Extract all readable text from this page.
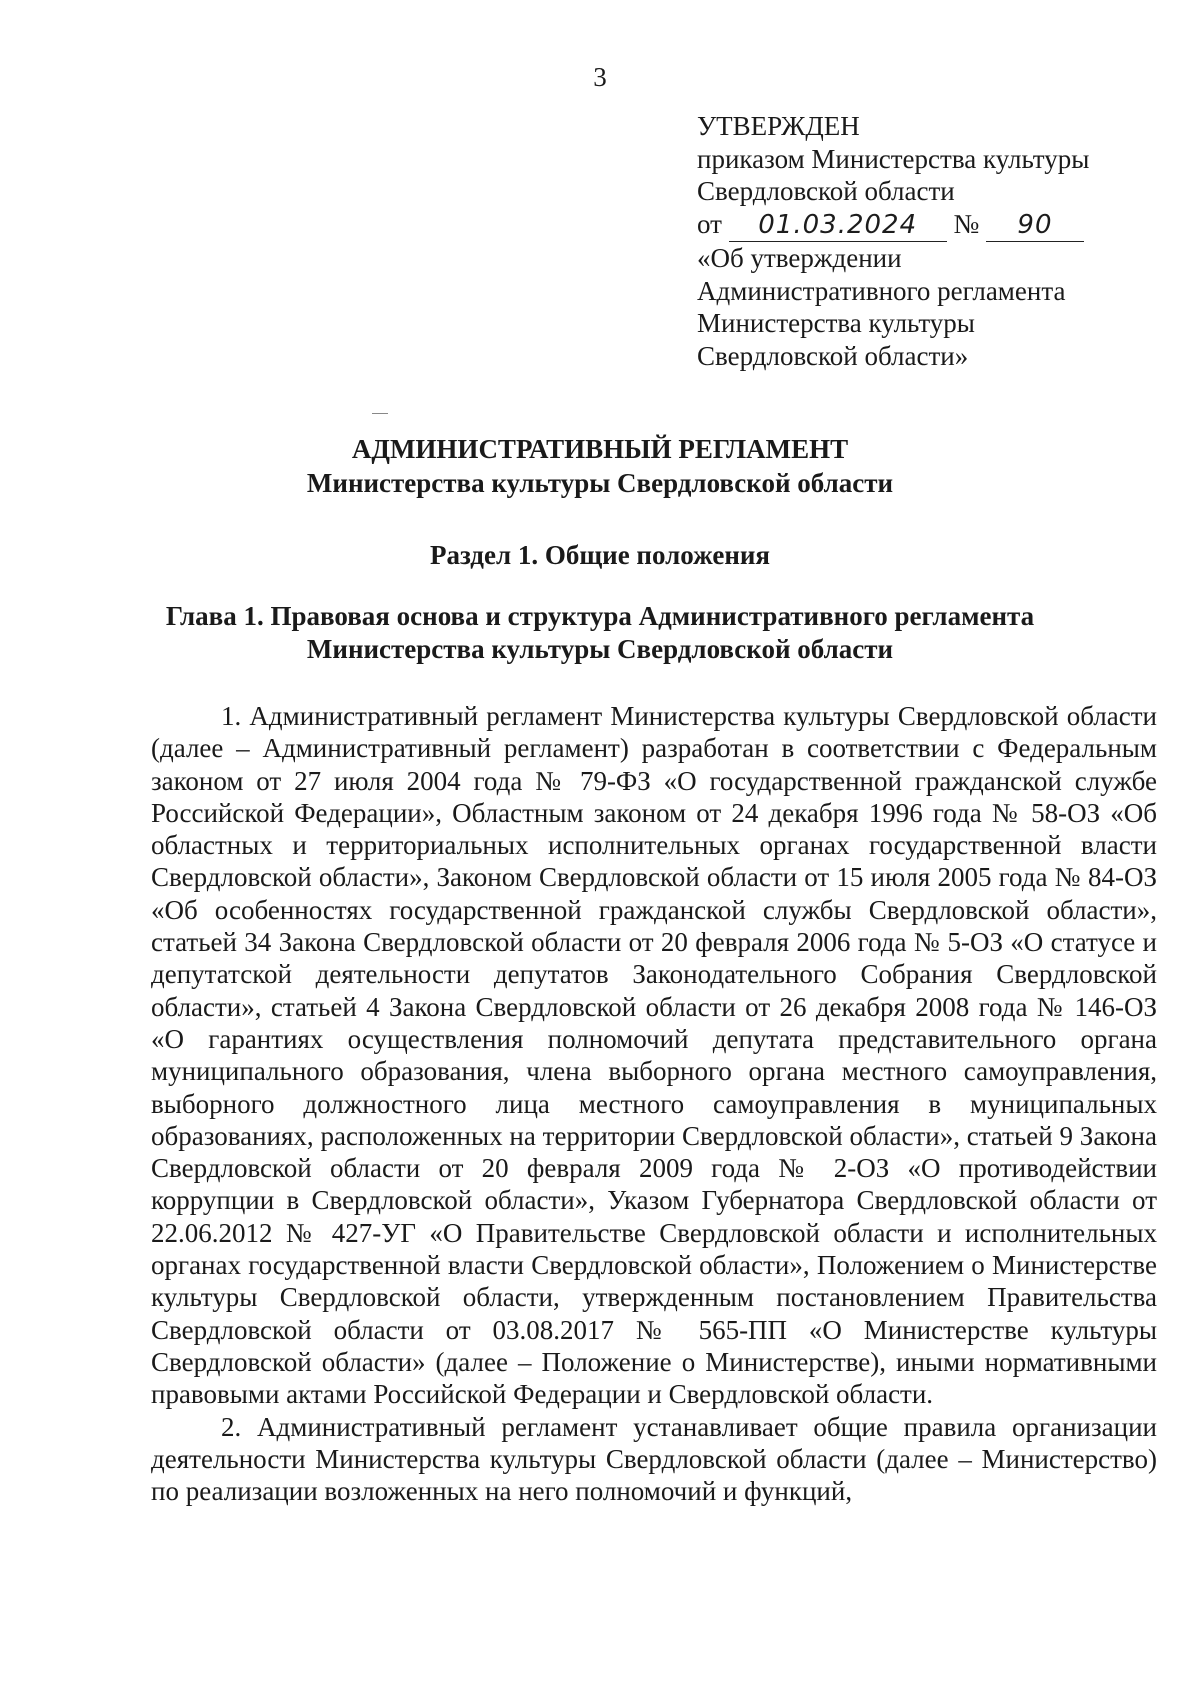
3
УТВЕРЖДЕН
приказом Министерства культуры
Свердловской области
от 01.03.2024 № 90
«Об утверждении
Административного регламента
Министерства культуры
Свердловской области»
АДМИНИСТРАТИВНЫЙ РЕГЛАМЕНТ
Министерства культуры Свердловской области
Раздел 1. Общие положения
Глава 1. Правовая основа и структура Административного регламента
Министерства культуры Свердловской области

1. Административный регламент Министерства культуры Свердловской области (далее – Административный регламент) разработан в соответствии с Федеральным законом от 27 июля 2004 года № 79-ФЗ «О государственной гражданской службе Российской Федерации», Областным законом от 24 декабря 1996 года № 58-ОЗ «Об областных и территориальных исполнительных органах государственной власти Свердловской области», Законом Свердловской области от 15 июля 2005 года № 84-ОЗ «Об особенностях государственной гражданской службы Свердловской области», статьей 34 Закона Свердловской области от 20 февраля 2006 года № 5-ОЗ «О статусе и депутатской деятельности депутатов Законодательного Собрания Свердловской области», статьей 4 Закона Свердловской области от 26 декабря 2008 года № 146-ОЗ «О гарантиях осуществления полномочий депутата представительного органа муниципального образования, члена выборного органа местного самоуправления, выборного должностного лица местного самоуправления в муниципальных образованиях, расположенных на территории Свердловской области», статьей 9 Закона Свердловской области от 20 февраля 2009 года № 2-ОЗ «О противодействии коррупции в Свердловской области», Указом Губернатора Свердловской области от 22.06.2012 № 427-УГ «О Правительстве Свердловской области и исполнительных органах государственной власти Свердловской области», Положением о Министерстве культуры Свердловской области, утвержденным постановлением Правительства Свердловской области от 03.08.2017 № 565-ПП «О Министерстве культуры Свердловской области» (далее – Положение о Министерстве), иными нормативными правовыми актами Российской Федерации и Свердловской области.

2. Административный регламент устанавливает общие правила организации деятельности Министерства культуры Свердловской области (далее – Министерство) по реализации возложенных на него полномочий и функций,
